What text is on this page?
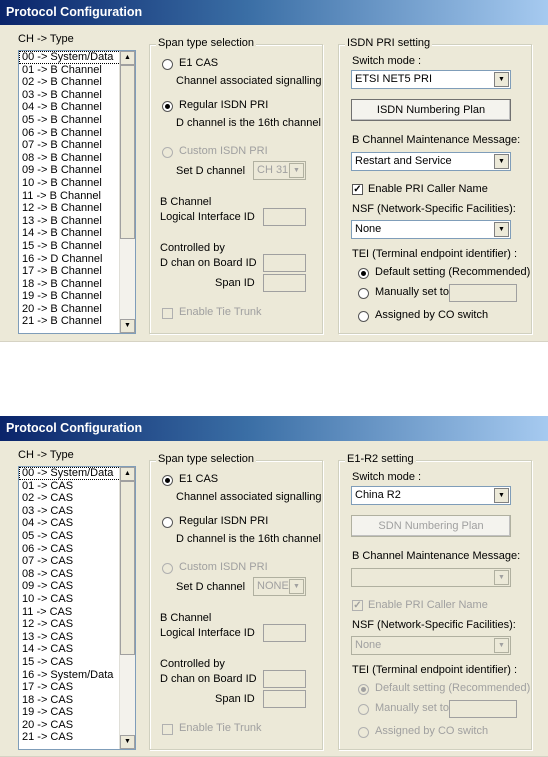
Protocol Configuration
CH -> Type
00 -> System/Data
01 -> B Channel
02 -> B Channel
03 -> B Channel
04 -> B Channel
05 -> B Channel
06 -> B Channel
07 -> B Channel
08 -> B Channel
09 -> B Channel
10 -> B Channel
11 -> B Channel
12 -> B Channel
13 -> B Channel
14 -> B Channel
15 -> B Channel
16 -> D Channel
17 -> B Channel
18 -> B Channel
19 -> B Channel
20 -> B Channel
21 -> B Channel
▲
▼
Span type selection
E1 CAS
Channel associated signalling
Regular ISDN PRI
D channel is the 16th channel
Custom ISDN PRI
Set D channel CH 31 ▼
B Channel
Logical Interface ID
Controlled by
D chan on Board ID
Span ID
Enable Tie Trunk
ISDN PRI setting
Switch mode :
ETSI NET5 PRI	▼
ISDN Numbering Plan
B Channel Maintenance Message:
Restart and Service	▼
✓ Enable PRI Caller Name
NSF (Network-Specific Facilities):
None	▼
TEI (Terminal endpoint identifier) :
Default setting (Recommended)
Manually set to
Assigned by CO switch
Protocol Configuration
CH -> Type
00 -> System/Data
01 -> CAS
02 -> CAS
03 -> CAS
04 -> CAS
05 -> CAS
06 -> CAS
07 -> CAS
08 -> CAS
09 -> CAS
10 -> CAS
11 -> CAS
12 -> CAS
13 -> CAS
14 -> CAS
15 -> CAS
16 -> System/Data
17 -> CAS
18 -> CAS
19 -> CAS
20 -> CAS
21 -> CAS
▲
▼
Span type selection
E1 CAS
Channel associated signalling
Regular ISDN PRI
D channel is the 16th channel
Custom ISDN PRI
Set D channel NONE ▼
B Channel
Logical Interface ID
Controlled by
D chan on Board ID
Span ID
Enable Tie Trunk
E1-R2 setting
Switch mode :
China R2	▼
SDN Numbering Plan
B Channel Maintenance Message:
▼
✓ Enable PRI Caller Name
NSF (Network-Specific Facilities):
None	▼
TEI (Terminal endpoint identifier) :
Default setting (Recommended)
Manually set to
Assigned by CO switch
